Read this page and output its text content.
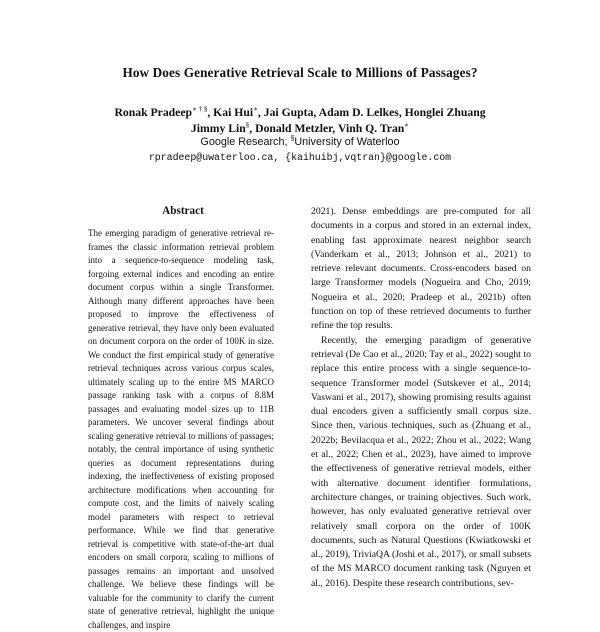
How Does Generative Retrieval Scale to Millions of Passages?
Ronak Pradeep∗ † §, Kai Hui∗, Jai Gupta, Adam D. Lelkes, Honglei Zhuang
Jimmy Lin§, Donald Metzler, Vinh Q. Tran∗
Google Research, §University of Waterloo
rpradeep@uwaterloo.ca, {kaihuibj,vqtran}@google.com
Abstract
The emerging paradigm of generative retrieval re-frames the classic information retrieval problem into a sequence-to-sequence modeling task, forgoing external indices and encoding an entire document corpus within a single Transformer. Although many different approaches have been proposed to improve the effectiveness of generative retrieval, they have only been evaluated on document corpora on the order of 100K in size. We conduct the first empirical study of generative retrieval techniques across various corpus scales, ultimately scaling up to the entire MS MARCO passage ranking task with a corpus of 8.8M passages and evaluating model sizes up to 11B parameters. We uncover several findings about scaling generative retrieval to millions of passages; notably, the central importance of using synthetic queries as document representations during indexing, the ineffectiveness of existing proposed architecture modifications when accounting for compute cost, and the limits of naively scaling model parameters with respect to retrieval performance. While we find that generative retrieval is competitive with state-of-the-art dual encoders on small corpora, scaling to millions of passages remains an important and unsolved challenge. We believe these findings will be valuable for the community to clarify the current state of generative retrieval, highlight the unique challenges, and inspire

2021). Dense embeddings are pre-computed for all documents in a corpus and stored in an external index, enabling fast approximate nearest neighbor search (Vanderkam et al., 2013; Johnson et al., 2021) to retrieve relevant documents. Cross-encoders based on large Transformer models (Nogueira and Cho, 2019; Nogueira et al., 2020; Pradeep et al., 2021b) often function on top of these retrieved documents to further refine the top results.

Recently, the emerging paradigm of generative retrieval (De Cao et al., 2020; Tay et al., 2022) sought to replace this entire process with a single sequence-to-sequence Transformer model (Sutskever et al., 2014; Vaswani et al., 2017), showing promising results against dual encoders given a sufficiently small corpus size. Since then, various techniques, such as (Zhuang et al., 2022b; Bevilacqua et al., 2022; Zhou et al., 2022; Wang et al., 2022; Chen et al., 2023), have aimed to improve the effectiveness of generative retrieval models, either with alternative document identifier formulations, architecture changes, or training objectives. Such work, however, has only evaluated generative retrieval over relatively small corpora on the order of 100K documents, such as Natural Questions (Kwiatkowski et al., 2019), TriviaQA (Joshi et al., 2017), or small subsets of the MS MARCO document ranking task (Nguyen et al., 2016). Despite these research contributions, sev-
